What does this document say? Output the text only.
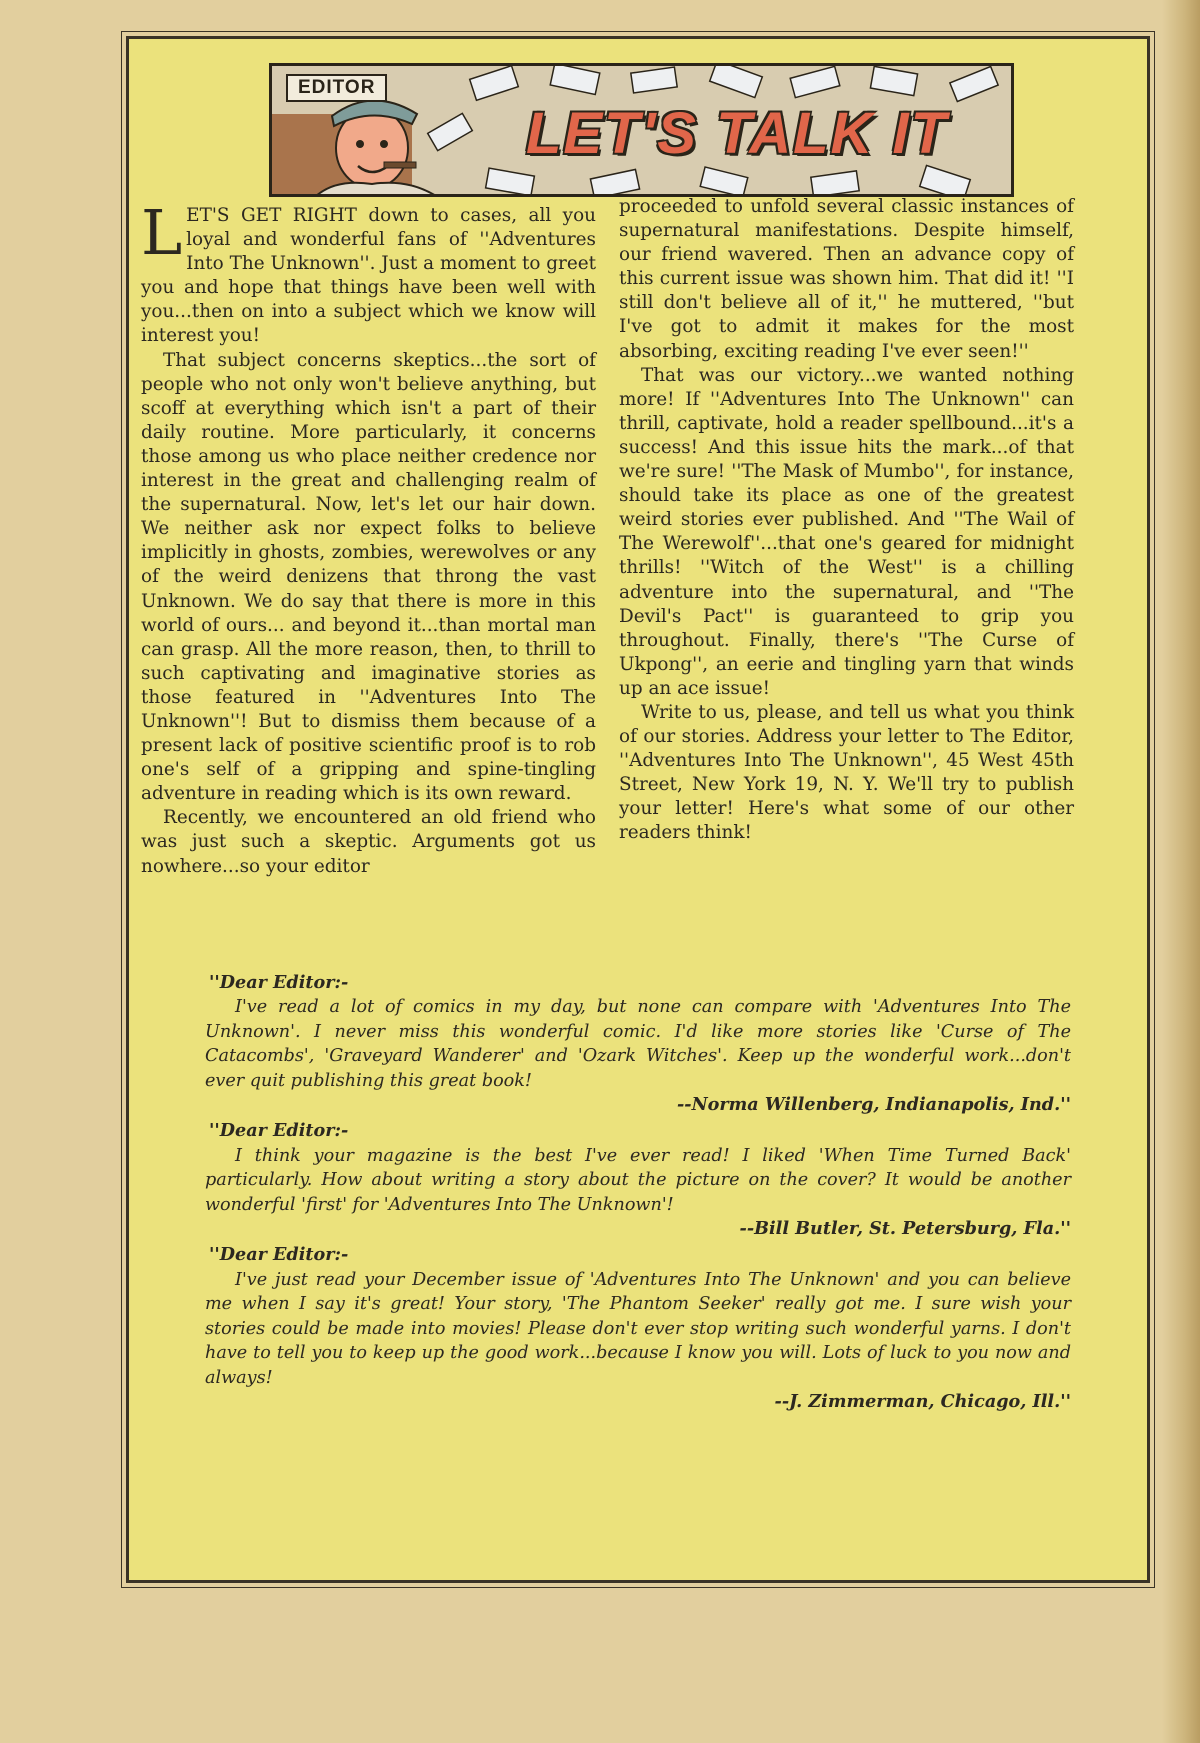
EDITOR
LET'S TALK IT

LET'S GET RIGHT down to cases, all you loyal and wonderful fans of ''Adventures Into The Unknown''. Just a moment to greet you and hope that things have been well with you...then on into a subject which we know will interest you!

That subject concerns skeptics...the sort of people who not only won't believe anything, but scoff at everything which isn't a part of their daily routine. More particularly, it concerns those among us who place neither credence nor interest in the great and challenging realm of the supernatural. Now, let's let our hair down. We neither ask nor expect folks to believe implicitly in ghosts, zombies, werewolves or any of the weird denizens that throng the vast Unknown. We do say that there is more in this world of ours... and beyond it...than mortal man can grasp. All the more reason, then, to thrill to such captivating and imaginative stories as those featured in ''Adventures Into The Unknown''! But to dismiss them because of a present lack of positive scientific proof is to rob one's self of a gripping and spine-tingling adventure in reading which is its own reward.

Recently, we encountered an old friend who was just such a skeptic. Arguments got us nowhere...so your editor

proceeded to unfold several classic instances of supernatural manifestations. Despite himself, our friend wavered. Then an advance copy of this current issue was shown him. That did it! ''I still don't believe all of it,'' he muttered, ''but I've got to admit it makes for the most absorbing, exciting reading I've ever seen!''

That was our victory...we wanted nothing more! If ''Adventures Into The Unknown'' can thrill, captivate, hold a reader spellbound...it's a success! And this issue hits the mark...of that we're sure! ''The Mask of Mumbo'', for instance, should take its place as one of the greatest weird stories ever published. And ''The Wail of The Werewolf''...that one's geared for midnight thrills! ''Witch of the West'' is a chilling adventure into the supernatural, and ''The Devil's Pact'' is guaranteed to grip you throughout. Finally, there's ''The Curse of Ukpong'', an eerie and tingling yarn that winds up an ace issue!

Write to us, please, and tell us what you think of our stories. Address your letter to The Editor, ''Adventures Into The Unknown'', 45 West 45th Street, New York 19, N. Y. We'll try to publish your letter! Here's what some of our other readers think!

''Dear Editor:-

I've read a lot of comics in my day, but none can compare with 'Adventures Into The Unknown'. I never miss this wonderful comic. I'd like more stories like 'Curse of The Catacombs', 'Graveyard Wanderer' and 'Ozark Witches'. Keep up the wonderful work...don't ever quit publishing this great book!

--Norma Willenberg, Indianapolis, Ind.''

''Dear Editor:-

I think your magazine is the best I've ever read! I liked 'When Time Turned Back' particularly. How about writing a story about the picture on the cover? It would be another wonderful 'first' for 'Adventures Into The Unknown'!

--Bill Butler, St. Petersburg, Fla.''

''Dear Editor:-

I've just read your December issue of 'Adventures Into The Unknown' and you can believe me when I say it's great! Your story, 'The Phantom Seeker' really got me. I sure wish your stories could be made into movies! Please don't ever stop writing such wonderful yarns. I don't have to tell you to keep up the good work...because I know you will. Lots of luck to you now and always!

--J. Zimmerman, Chicago, Ill.''
